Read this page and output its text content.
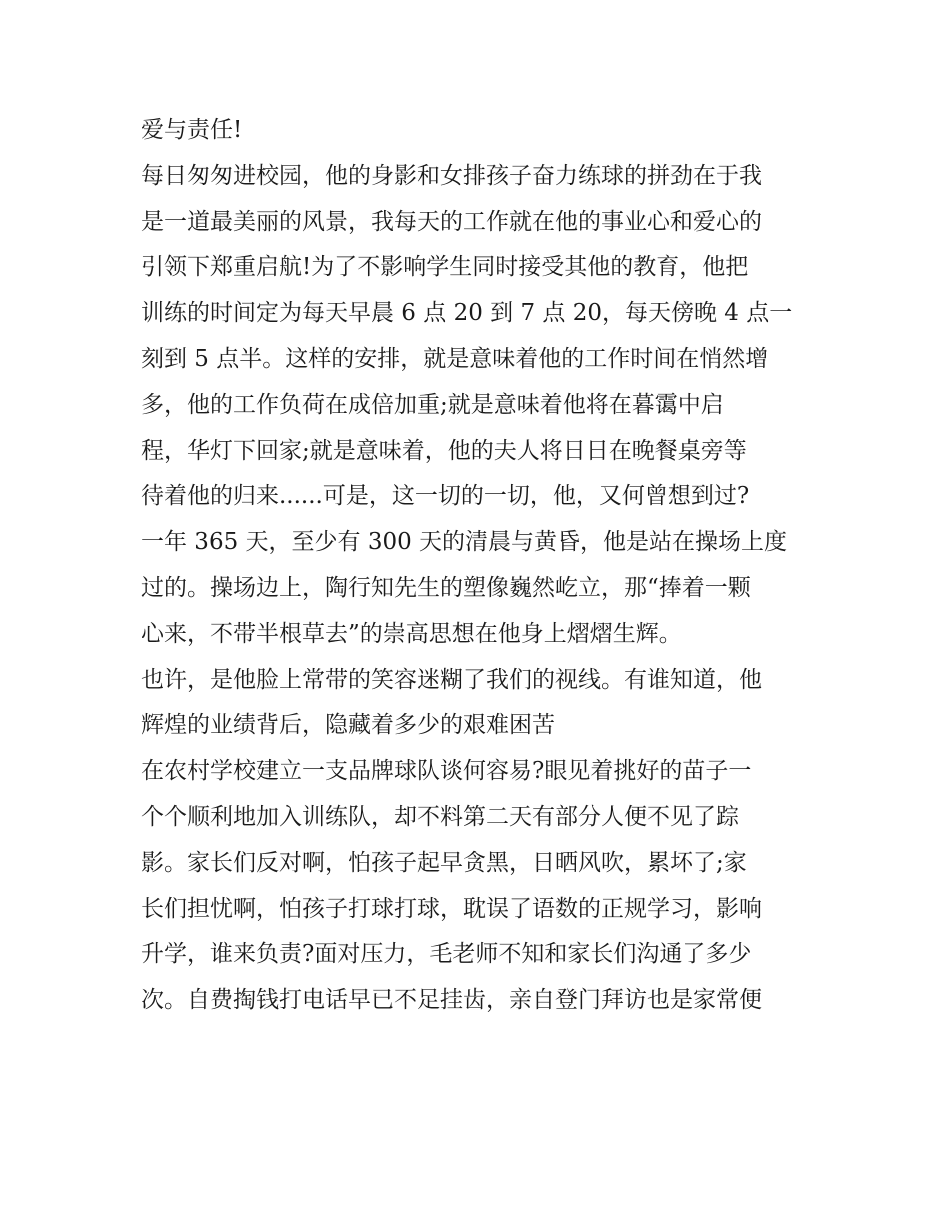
爱与责任!
每日匆匆进校园，他的身影和女排孩子奋力练球的拼劲在于我
是一道最美丽的风景，我每天的工作就在他的事业心和爱心的
引领下郑重启航!为了不影响学生同时接受其他的教育，他把
训练的时间定为每天早晨 6 点 20 到 7 点 20，每天傍晚 4 点一
刻到 5 点半。这样的安排，就是意味着他的工作时间在悄然增
多，他的工作负荷在成倍加重;就是意味着他将在暮霭中启
程，华灯下回家;就是意味着，他的夫人将日日在晚餐桌旁等
待着他的归来......可是，这一切的一切，他，又何曾想到过?
一年 365 天，至少有 300 天的清晨与黄昏，他是站在操场上度
过的。操场边上，陶行知先生的塑像巍然屹立，那“捧着一颗
心来，不带半根草去”的崇高思想在他身上熠熠生辉。
也许，是他脸上常带的笑容迷糊了我们的视线。有谁知道，他
辉煌的业绩背后，隐藏着多少的艰难困苦
在农村学校建立一支品牌球队谈何容易?眼见着挑好的苗子一
个个顺利地加入训练队，却不料第二天有部分人便不见了踪
影。家长们反对啊，怕孩子起早贪黑，日晒风吹，累坏了;家
长们担忧啊，怕孩子打球打球，耽误了语数的正规学习，影响
升学，谁来负责?面对压力，毛老师不知和家长们沟通了多少
次。自费掏钱打电话早已不足挂齿，亲自登门拜访也是家常便
